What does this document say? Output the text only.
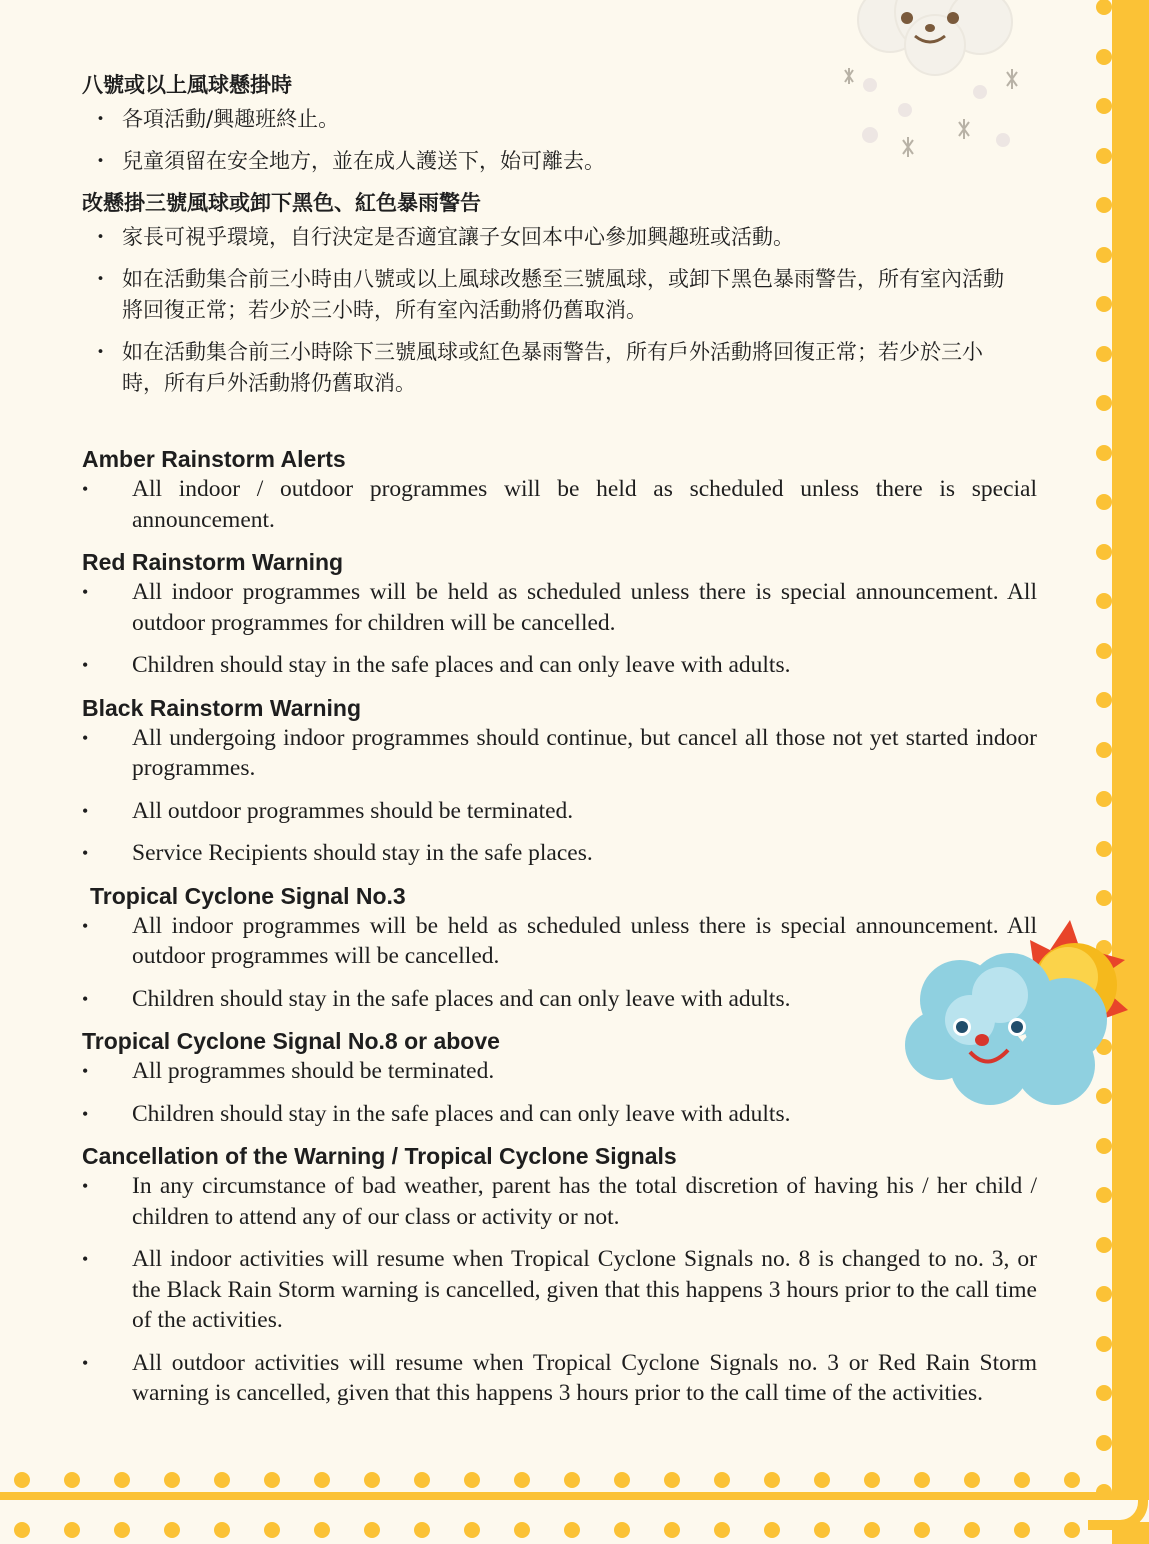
八號或以上風球懸掛時
・ 各項活動/興趣班終止。
・ 兒童須留在安全地方，並在成人護送下，始可離去。
改懸掛三號風球或卸下黑色、紅色暴雨警告
・ 家長可視乎環境，自行決定是否適宜讓子女回本中心參加興趣班或活動。
・ 如在活動集合前三小時由八號或以上風球改懸至三號風球，或卸下黑色暴雨警告，所有室內活動將回復正常；若少於三小時，所有室內活動將仍舊取消。
・ 如在活動集合前三小時除下三號風球或紅色暴雨警告，所有戶外活動將回復正常；若少於三小時，所有戶外活動將仍舊取消。
Amber Rainstorm Alerts
• All indoor / outdoor programmes will be held as scheduled unless there is special announcement.
Red Rainstorm Warning
• All indoor programmes will be held as scheduled unless there is special announcement. All outdoor programmes for children will be cancelled.
• Children should stay in the safe places and can only leave with adults.
Black Rainstorm Warning
• All undergoing indoor programmes should continue, but cancel all those not yet started indoor programmes.
• All outdoor programmes should be terminated.
• Service Recipients should stay in the safe places.
Tropical Cyclone Signal No.3
• All indoor programmes will be held as scheduled unless there is special announcement. All outdoor programmes will be cancelled.
• Children should stay in the safe places and can only leave with adults.
Tropical Cyclone Signal No.8 or above
• All programmes should be terminated.
• Children should stay in the safe places and can only leave with adults.
Cancellation of the Warning / Tropical Cyclone Signals
• In any circumstance of bad weather, parent has the total discretion of having his / her child / children to attend any of our class or activity or not.
• All indoor activities will resume when Tropical Cyclone Signals no. 8 is changed to no. 3, or the Black Rain Storm warning is cancelled, given that this happens 3 hours prior to the call time of the activities.
• All outdoor activities will resume when Tropical Cyclone Signals no. 3 or Red Rain Storm warning is cancelled, given that this happens 3 hours prior to the call time of the activities.
